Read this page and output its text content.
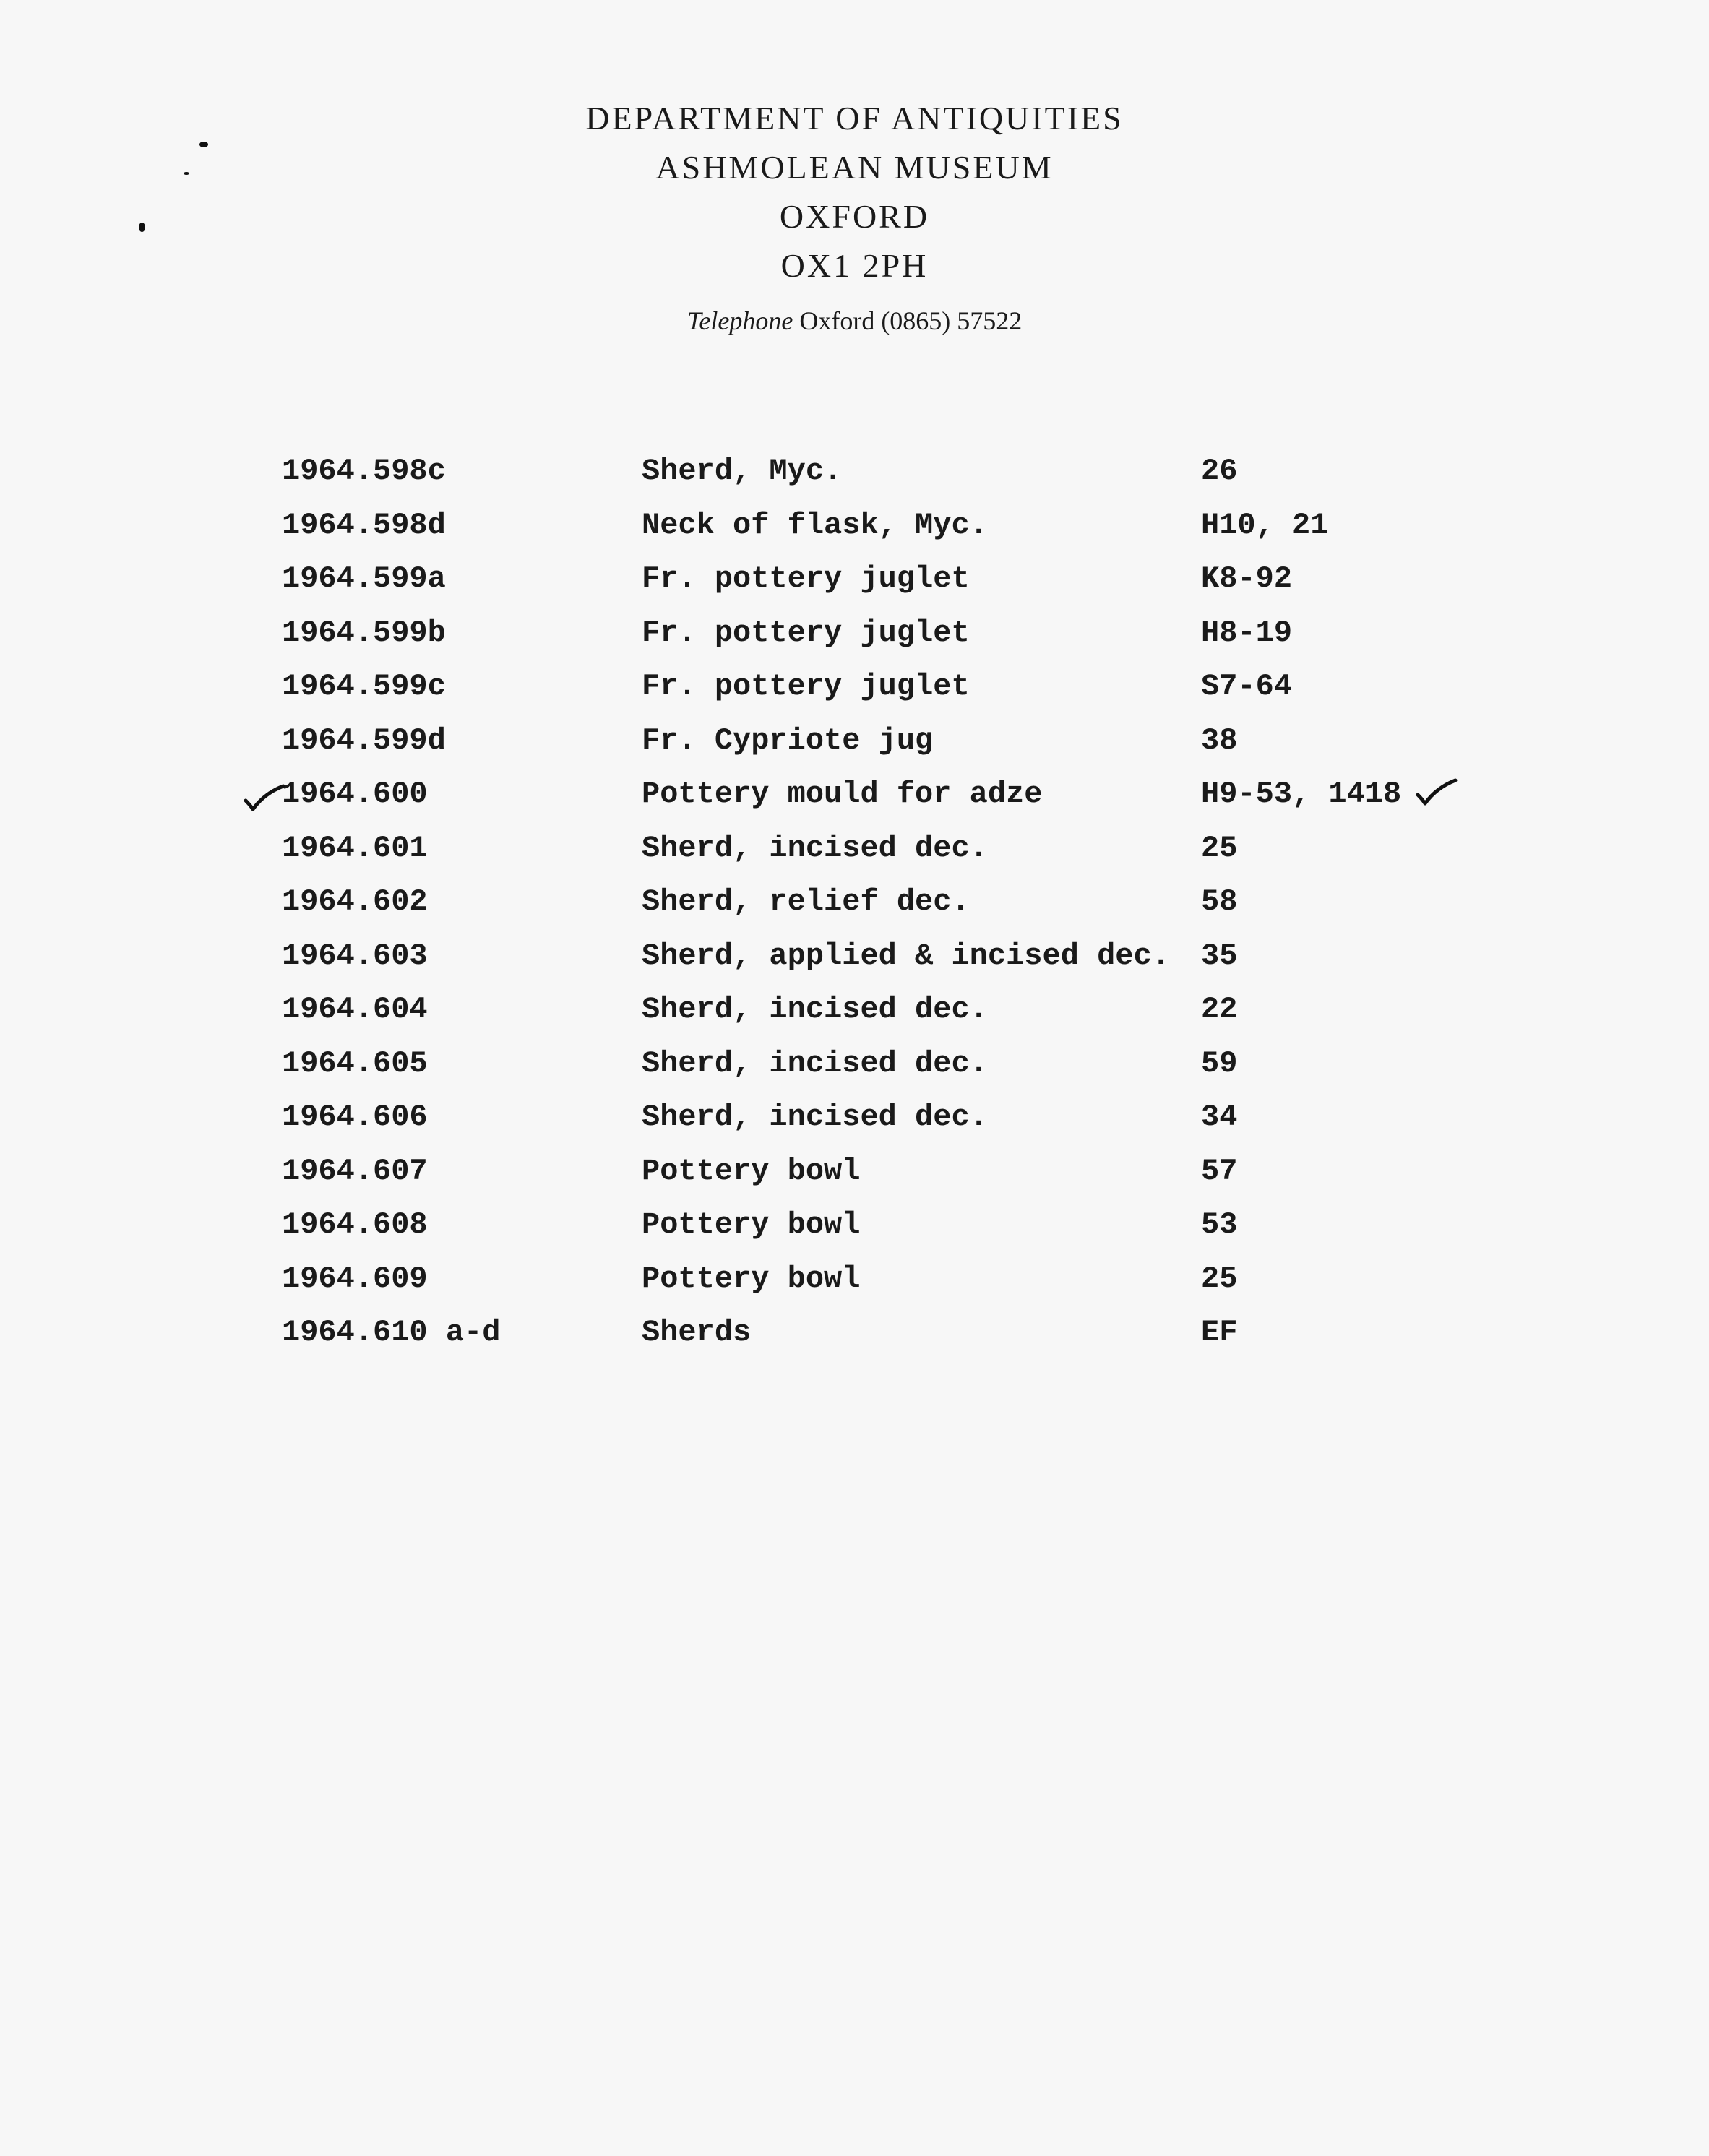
DEPARTMENT OF ANTIQUITIES
ASHMOLEAN MUSEUM
OXFORD
OX1 2PH
Telephone Oxford (0865) 57522
1964.598c	Sherd, Myc.	26
1964.598d	Neck of flask, Myc.	H10, 21
1964.599a	Fr. pottery juglet	K8-92
1964.599b	Fr. pottery juglet	H8-19
1964.599c	Fr. pottery juglet	S7-64
1964.599d	Fr. Cypriote jug	38
1964.600	Pottery mould for adze	H9-53, 1418
1964.601	Sherd, incised dec.	25
1964.602	Sherd, relief dec.	58
1964.603	Sherd, applied & incised dec. 35
1964.604	Sherd, incised dec.	22
1964.605	Sherd, incised dec.	59
1964.606	Sherd, incised dec.	34
1964.607	Pottery bowl	57
1964.608	Pottery bowl	53
1964.609	Pottery bowl	25
1964.610 a-d	Sherds	EF
